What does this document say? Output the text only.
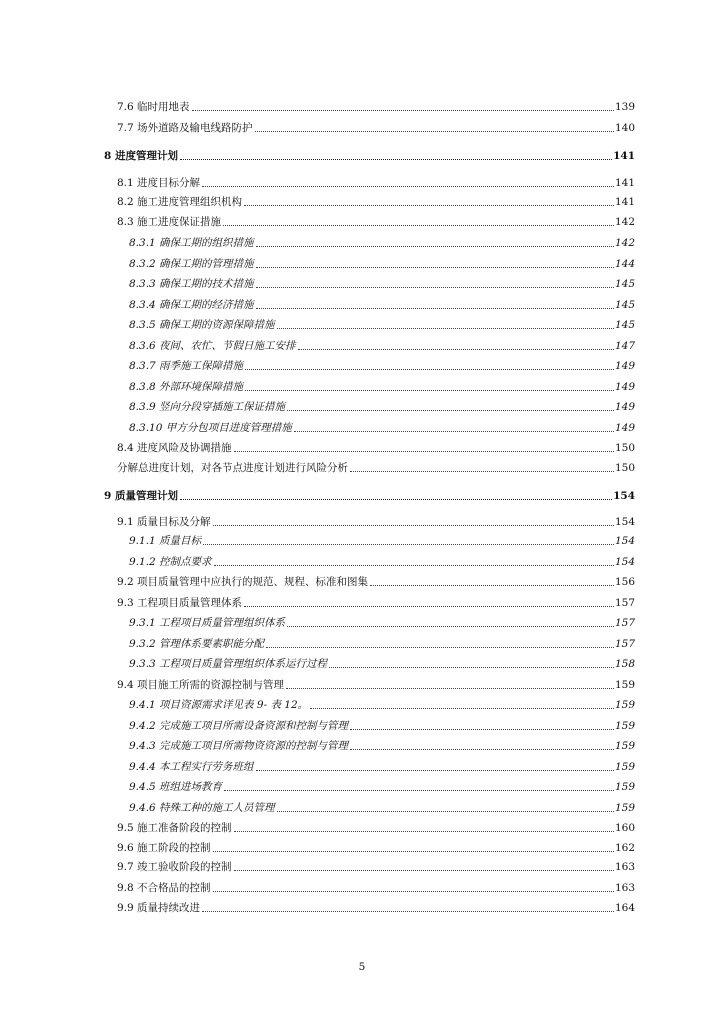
7.6 临时用地表	139
7.7 场外道路及输电线路防护	140
8 进度管理计划	141
8.1 进度目标分解	141
8.2 施工进度管理组织机构	141
8.3 施工进度保证措施	142
8.3.1 确保工期的组织措施	142
8.3.2 确保工期的管理措施	144
8.3.3 确保工期的技术措施	145
8.3.4 确保工期的经济措施	145
8.3.5 确保工期的资源保障措施	145
8.3.6 夜间、农忙、节假日施工安排	147
8.3.7 雨季施工保障措施	149
8.3.8 外部环境保障措施	149
8.3.9 竖向分段穿插施工保证措施	149
8.3.10 甲方分包项目进度管理措施	149
8.4 进度风险及协调措施	150
分解总进度计划，对各节点进度计划进行风险分析	150
9 质量管理计划	154
9.1 质量目标及分解	154
9.1.1 质量目标	154
9.1.2 控制点要求	154
9.2 项目质量管理中应执行的规范、规程、标准和图集	156
9.3 工程项目质量管理体系	157
9.3.1 工程项目质量管理组织体系	157
9.3.2 管理体系要素职能分配	157
9.3.3 工程项目质量管理组织体系运行过程	158
9.4 项目施工所需的资源控制与管理	159
9.4.1 项目资源需求详见表 9- 表 12。	159
9.4.2 完成施工项目所需设备资源和控制与管理	159
9.4.3 完成施工项目所需物资资源的控制与管理	159
9.4.4 本工程实行劳务班组	159
9.4.5 班组进场教育	159
9.4.6 特殊工种的施工人员管理	159
9.5 施工准备阶段的控制	160
9.6 施工阶段的控制	162
9.7 竣工验收阶段的控制	163
9.8 不合格品的控制	163
9.9 质量持续改进	164
5
